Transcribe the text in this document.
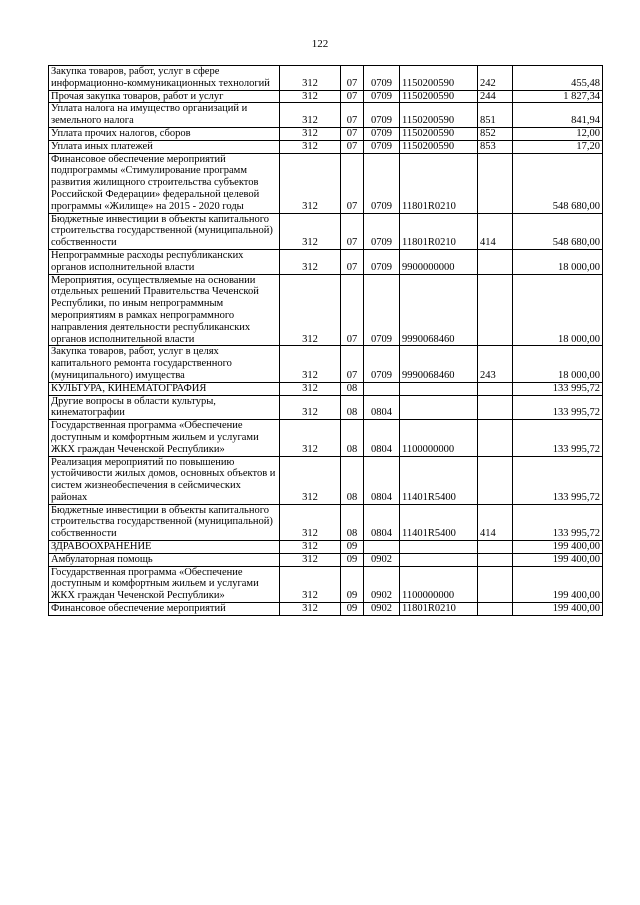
122
Закупка товаров, работ, услуг в сфере информационно-коммуникационных технологий	312	07	0709	1150200590	242	455,48
Прочая закупка товаров, работ и услуг	312	07	0709	1150200590	244	1 827,34
Уплата налога на имущество организаций и земельного налога	312	07	0709	1150200590	851	841,94
Уплата прочих налогов, сборов	312	07	0709	1150200590	852	12,00
Уплата иных платежей	312	07	0709	1150200590	853	17,20
Финансовое обеспечение мероприятий подпрограммы «Стимулирование программ развития жилищного строительства субъектов Российской Федерации» федеральной целевой программы «Жилище» на 2015 - 2020 годы	312	07	0709	11801R0210		548 680,00
Бюджетные инвестиции в объекты капитального строительства государственной (муниципальной) собственности	312	07	0709	11801R0210	414	548 680,00
Непрограммные расходы республиканских органов исполнительной власти	312	07	0709	9900000000		18 000,00
Мероприятия, осуществляемые на основании отдельных решений Правительства Чеченской Республики, по иным непрограммным мероприятиям в рамках непрограммного направления деятельности республиканских органов исполнительной власти	312	07	0709	9990068460		18 000,00
Закупка товаров, работ, услуг в целях капитального ремонта государственного (муниципального) имущества	312	07	0709	9990068460	243	18 000,00
КУЛЬТУРА, КИНЕМАТОГРАФИЯ	312	08				133 995,72
Другие вопросы в области культуры, кинематографии	312	08	0804			133 995,72
Государственная программа «Обеспечение доступным и комфортным жильем и услугами ЖКХ граждан Чеченской Республики»	312	08	0804	1100000000		133 995,72
Реализация мероприятий по повышению устойчивости жилых домов, основных объектов и систем жизнеобеспечения в сейсмических районах	312	08	0804	11401R5400		133 995,72
Бюджетные инвестиции в объекты капитального строительства государственной (муниципальной) собственности	312	08	0804	11401R5400	414	133 995,72
ЗДРАВООХРАНЕНИЕ	312	09				199 400,00
Амбулаторная помощь	312	09	0902			199 400,00
Государственная программа «Обеспечение доступным и комфортным жильем и услугами ЖКХ граждан Чеченской Республики»	312	09	0902	1100000000		199 400,00
Финансовое обеспечение мероприятий	312	09	0902	11801R0210		199 400,00
